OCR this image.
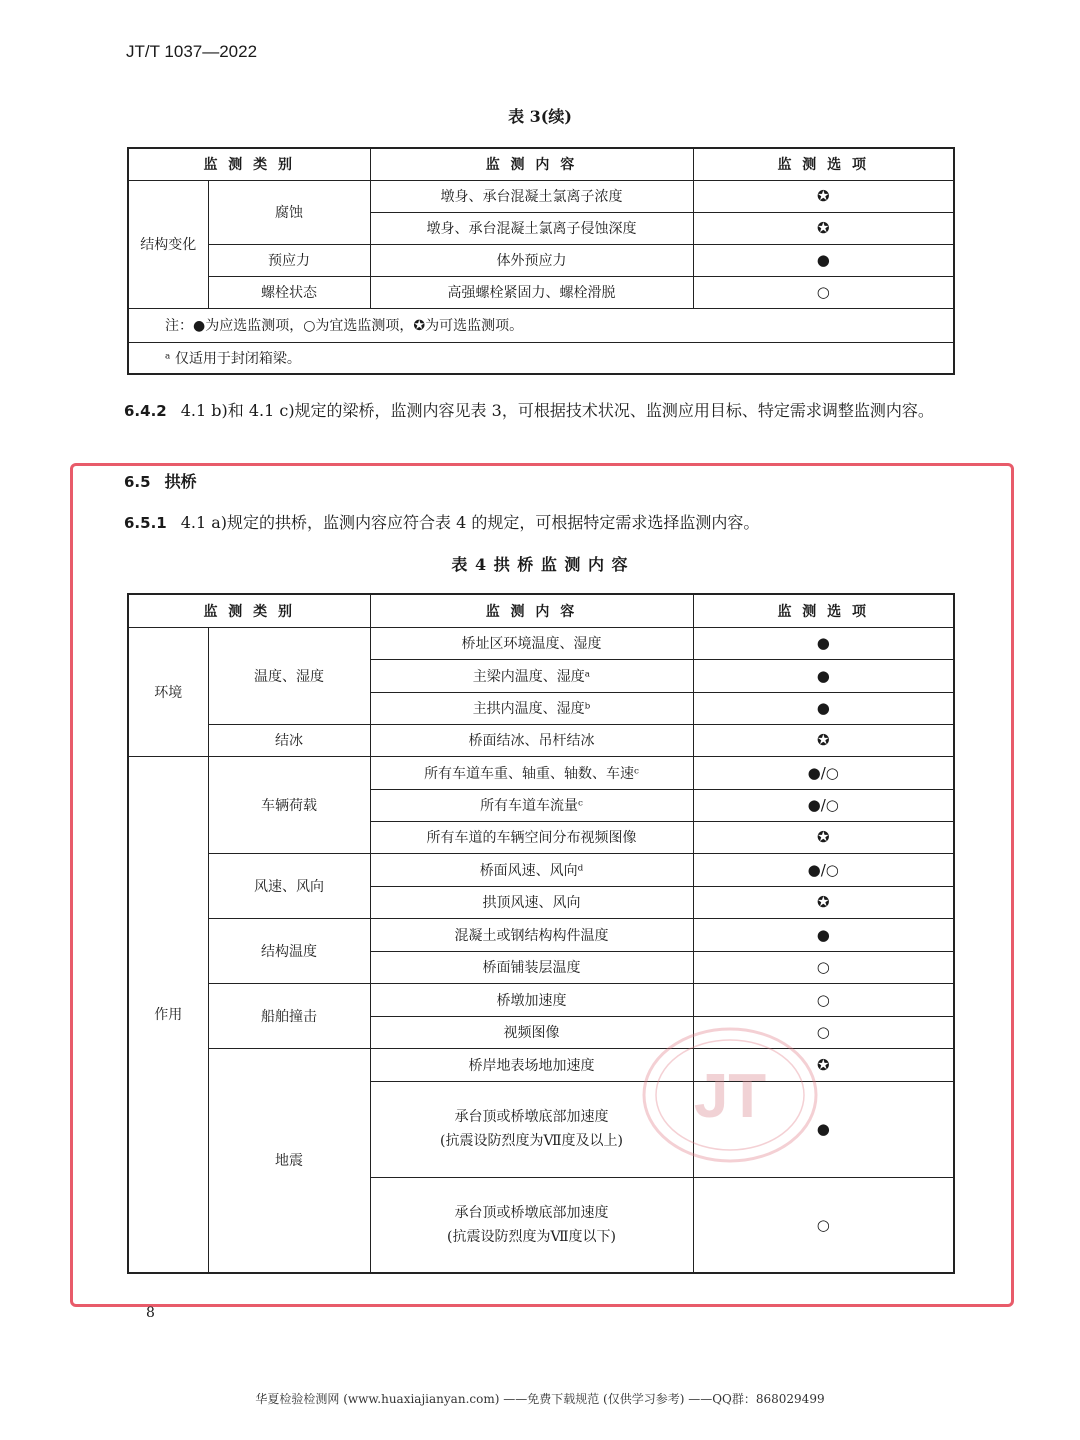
JT/T 1037—2022
表 3(续)
监 测 类 别		监 测 内 容	监 测 选 项
结构变化	腐蚀	墩身、承台混凝土氯离子浓度	✪
		墩身、承台混凝土氯离子侵蚀深度	✪
	预应力	体外预应力	●
	螺栓状态	高强螺栓紧固力、螺栓滑脱	○
注：●为应选监测项，○为宜选监测项，✪为可选监测项。			
ᵃ 仅适用于封闭箱梁。			
6.4.2 4.1 b)和 4.1 c)规定的梁桥，监测内容见表 3，可根据技术状况、监测应用目标、特定需求调整监测内容。
6.5 拱桥
6.5.1 4.1 a)规定的拱桥，监测内容应符合表 4 的规定，可根据特定需求选择监测内容。
表 4 拱 桥 监 测 内 容
监 测 类 别		监 测 内 容	监 测 选 项
环境	温度、湿度	桥址区环境温度、湿度	●
		主梁内温度、湿度ᵃ	●
		主拱内温度、湿度ᵇ	●
	结冰	桥面结冰、吊杆结冰	✪
作用	车辆荷载	所有车道车重、轴重、轴数、车速ᶜ	●/○
		所有车道车流量ᶜ	●/○
		所有车道的车辆空间分布视频图像	✪
	风速、风向	桥面风速、风向ᵈ	●/○
		拱顶风速、风向	✪
	结构温度	混凝土或钢结构构件温度	●
		桥面铺装层温度	○
	船舶撞击	桥墩加速度	○
		视频图像	○
	地震	桥岸地表场地加速度	✪

		承台顶或桥墩底部加速度
(抗震设防烈度为Ⅶ度及以上)	●

		承台顶或桥墩底部加速度
(抗震设防烈度为Ⅶ度以下)	○
JT
8
华夏检验检测网 (www.huaxiajianyan.com) ——免费下载规范 (仅供学习参考) ——QQ群：868029499
